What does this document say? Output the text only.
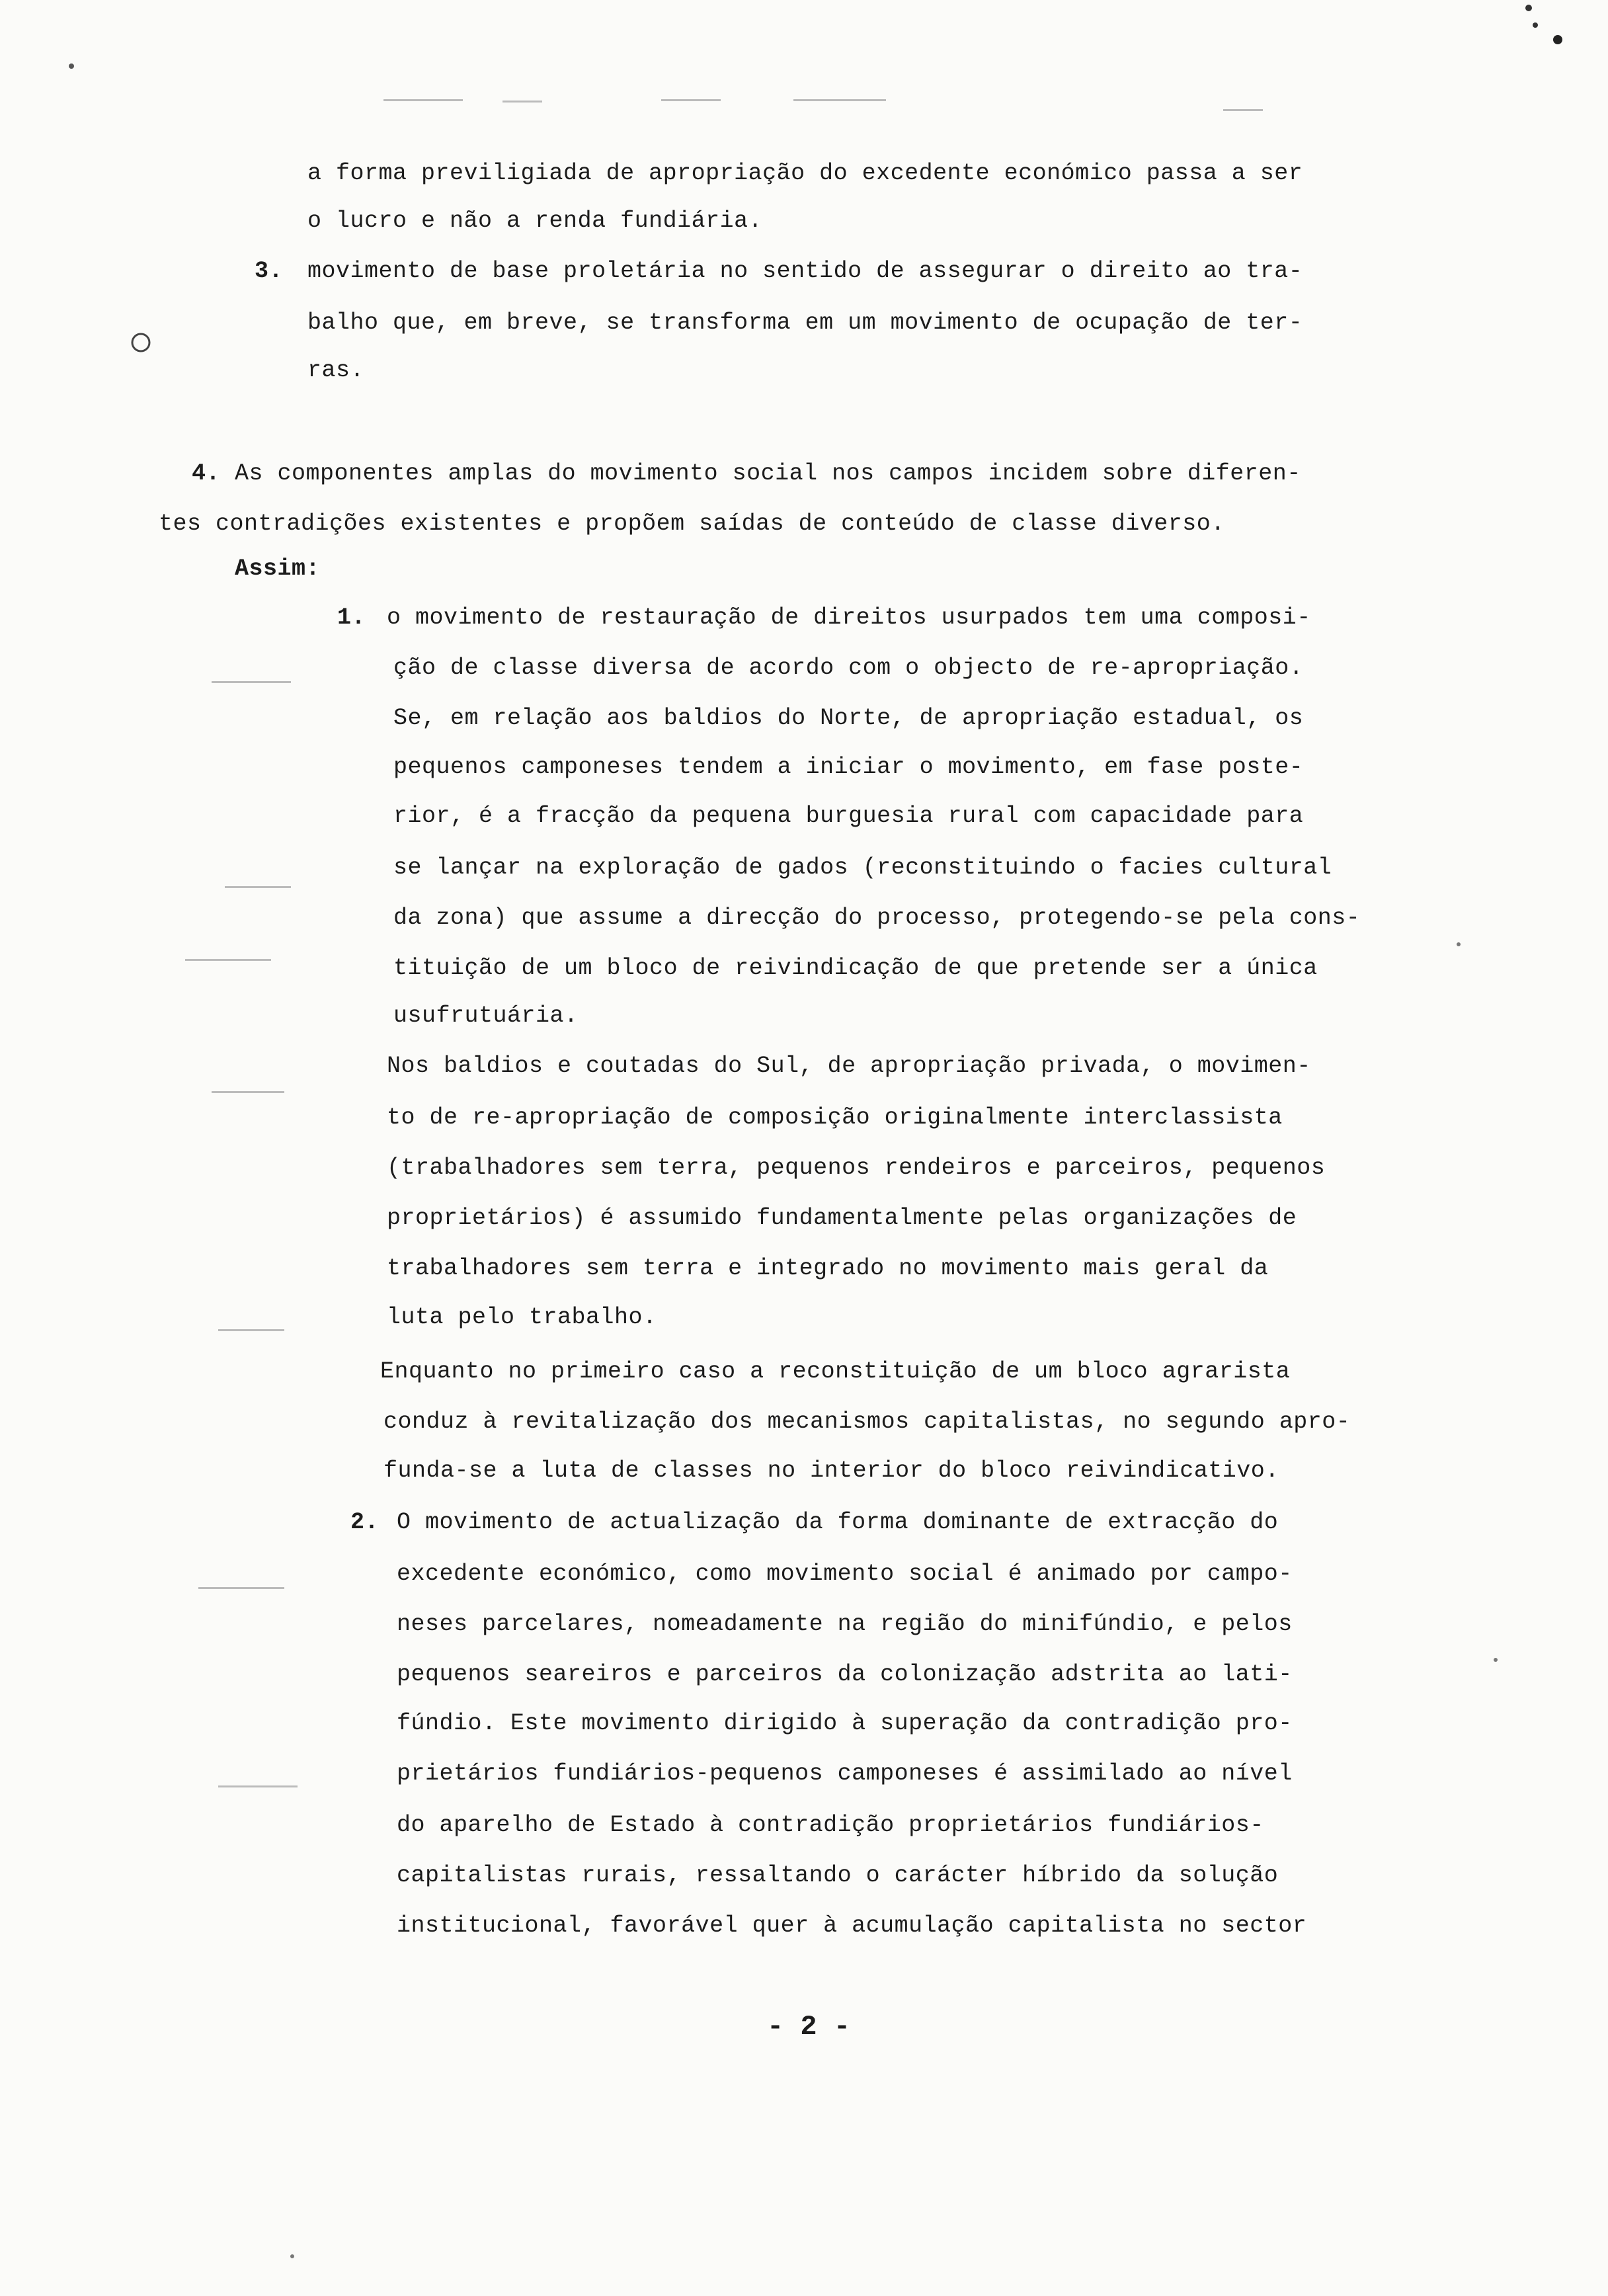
a forma previligiada de apropriação do excedente económico passa a ser
o lucro e não a renda fundiária.
3. movimento de base proletária no sentido de assegurar o direito ao tra-
balho que, em breve, se transforma em um movimento de ocupação de ter-
ras.
4. As componentes amplas do movimento social nos campos incidem sobre diferen-
tes contradições existentes e propõem saídas de conteúdo de classe diverso.
Assim:
1. o movimento de restauração de direitos usurpados tem uma composi-
ção de classe diversa de acordo com o objecto de re-apropriação.
Se, em relação aos baldios do Norte, de apropriação estadual, os
pequenos camponeses tendem a iniciar o movimento, em fase poste-
rior, é a fracção da pequena burguesia rural com capacidade para
se lançar na exploração de gados (reconstituindo o facies cultural
da zona) que assume a direcção do processo, protegendo-se pela cons-
tituição de um bloco de reivindicação de que pretende ser a única
usufrutuária.
Nos baldios e coutadas do Sul, de apropriação privada, o movimen-
to de re-apropriação de composição originalmente interclassista
(trabalhadores sem terra, pequenos rendeiros e parceiros, pequenos
proprietários) é assumido fundamentalmente pelas organizações de
trabalhadores sem terra e integrado no movimento mais geral da
luta pelo trabalho.
Enquanto no primeiro caso a reconstituição de um bloco agrarista
conduz à revitalização dos mecanismos capitalistas, no segundo apro-
funda-se a luta de classes no interior do bloco reivindicativo.
2. O movimento de actualização da forma dominante de extracção do
excedente económico, como movimento social é animado por campo-
neses parcelares, nomeadamente na região do minifúndio, e pelos
pequenos seareiros e parceiros da colonização adstrita ao lati-
fúndio. Este movimento dirigido à superação da contradição pro-
prietários fundiários-pequenos camponeses é assimilado ao nível
do aparelho de Estado à contradição proprietários fundiários-
capitalistas rurais, ressaltando o carácter híbrido da solução
institucional, favorável quer à acumulação capitalista no sector
- 2 -
